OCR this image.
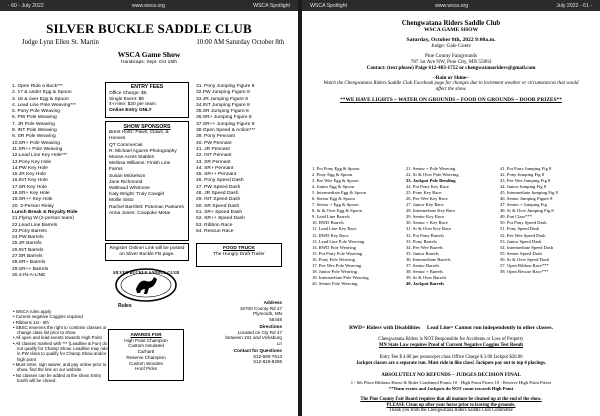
- 60 - July 2022	www.wsca.org	WSCA Spotlight
SILVER BUCKLE SADDLE CLUB
Judge Lynn Ellen St. Martin	10:00 AM Saturday October 8th
WSCA Game Show
Handicaps: Sept. Oct 15th
1. Open Ride a Buck***
2. 17 & under Egg & Spoon
3. 18 & over Egg & Spoon
4. Lead Line Pole Weaving***
5. Pony Pole Weaving
6. PW Pole Weaving
7. JR Pole Weaving
8. INT Pole Weaving
9. SR Pole Weaving
10.SR+ Pole Weaving
11.SR++ Pole Weaving
12.Lead Line Key Hole***
13.Pony Key Hole
14.PW Key Hole
15.JR Key Hole
16.INT Key Hole
17.SR Key Hole
18.SR+ Key Hole
19.SR++ Key Hole
20. 3-Person Relay
Lunch Break & Royalty Ride
21.Flying W (2-person team)
22.Lead Line Barrels
23.Pony Barrels
24.PW Barrels
25.JR Barrels
26.INT Barrels
27.SR Barrels
28.SR+ Barrels
29.SR++ Barrels
30.4-IN-A-LINE
31. Pony Jumping Figure 8
32.PW Jumping Figure 8
33.JR Jumping Figure 8
34.INT Jumping Figure 8
35.SR Jumping Figure 8
36.SR+ Jumping Figure 8
37.SR++ Jumping Figure 8
38.Open Speed & Action***
39. Pony Pennant
40. PW Pennant
41. JR Pennant
42. INT Pennant
43. SR Pennant
44. SR+ Pennant
45. SR++ Pennant
46. Pony Speed Dash
47. PW Speed Dash
48. JR Speed Dash
49. INT Speed Dash
50. SR Speed Dash
51. SR+ Speed Dash
52. SR++ Speed Dash
53. Ribbon Race
54. Rescue Race
ENTRY FEES
Office Charge: $5
Single Event: $6
4-n-line: $20 per team
Online Entry ONLY
SHOW SPONSORS
Brent Holtz: Paws, Claws, & Hooves
QT Commercial
R. Michael Aguirre Photography
Moose Acres Stables
Melissa Williams: Finish Line Farms
Susan Mickelson
Jane Richmond
Waltraud Whitmore
Katy Wright: Truly Cowgirl
Mollie Sisto
Rachel Barrtlett: Potomac Pastures
Anna Jones: Cowpoke Meta!
Register Online! Link will be posted on Silver Buckle FB page.
FOOD TRUCK
The Hungry Draft Trailer
SILVER BUCKLE SADDLE CLUB
Rules
• WSCA rules apply
• Current negative Coggins required
• Ribbons 1st - 6th
• SBSC reserves the right to combine classes or change class list prior to show
• All open and lead events towards High Point
• All classes marked with *** (Leadline & Fun) do not qualify for Champ Show. Leadline may ride in PW class to qualify for Champ Show and/or high point
• Must enter, sign waiver, and pay online prior to show, find the link on our website.
• No classes can be added at the show. Entry booth will be closed.
Address
16700 County Rd 47
Plymouth, MN
55446
Directions
Located on Cty Rd 47
between 101 and Vicksburg
Ln
Contact for Questions
612-590-7613
512-819-8296
AWARDS FOR
High Point Champion
Custom Insulated
Carhartt
Reserve Champion
Custom Wooden
Hoof Picks
WSCA Spotlight	www.wsca.org	July 2022 - 61 -
Chengwatana Riders Saddle Club
WSCA GAME SHOW
Saturday, October 8th, 2022 9:00a.m.
Judge: Gale Goetz
Pine County Fairgrounds
787 1st Ave NW, Pine City, MN 55063
Contact: (text please) Paige 612-483-1752 or chengwatanariders@gmail.com
~Rain or Shine~
Watch the Chengwatana Riders Saddle Club Facebook page for changes due to inclement weather or circumstances that would affect the show.
**WE HAVE LIGHTS ~ WATER ON GROUNDS ~ FOOD ON GROUNDS ~ DOOR PRIZES**
1. Pot Pony Egg & Spoon
2. Pony Egg & Spoon
3. Pee Wee Egg & Spoon
4. Junior Egg & Spoon
5. Intermediate Egg & Spoon
6. Senior Egg & Spoon
7. Senior + Egg & Spoon
8. Sr & Over Egg & Spoon
9. Lead Line Barrels
10. RWD Barrels
11. Lead Line Key Race
12. RWD Key Race
13. Lead Line Pole Weaving
14. RWD Pole Weaving
15. Pot Pony Pole Weaving
16. Pony Pole Weaving
17. Pee Wee Pole Weaving
18. Junior Pole Weaving
19. Intermediate Pole Weaving
20. Senior Pole Weaving
21. Senior + Pole Weaving
22. Sr & Over Pole Weaving
23. Jackpot Pole Bending
24. Pot Pony Key Race
25. Pony Key Race
26. Pee Wee Key Race
27. Junior Key Race
28. Intermediate Key Race
29. Senior Key Race
30. Senior + Key Race
31. Sr & Over Key Race
32. Pot Pony Barrels
33. Pony Barrels
34. Pee Wee Barrels
35. Junior Barrels
36. Intermediate Barrels
37. Senior Barrels
38. Senior + Barrels
39. Sr & Over Barrels
40. Jackpot Barrels
41. Pot Pony Jumping Fig 8
42. Pony Jumping Fig 8
43. Pee Wee Jumping Fig 8
44. Junior Jumping Fig 8
45. Intermediate Jumping Fig 8
46. Senior Jumping Figure 8
47. Senior + Jumping Fig
48. Sr & Over Jumping Fig 8
49. Fun Class***
50. Pot Pony Speed Dash
51. Pony Speed Dash
52. Pee Wee Speed Dash
53. Junior Speed Dash
54. Intermediate Speed Dash
55. Senior Speed Dash
56. Sr & Over Speed Dash
57. Open Ribbon Race***
58. Open Rescue Race***
RWD= Riders with Disabilities Lead Line= Cannot run independently in other classes.
Chengwatana Riders is NOT Responsible for Accidents or Loss of Property
MN State Law requires Proof of Current Negative Coggins Test Result
Entry Fee $ 4.00 per person/per class Office Charge $ 3.00 Jackpot $20.00
Jackpot classes are a separate run. Must ride in like class! Jackpots pay out to top 4 placings.
ABSOLUTELY NO REFUNDS ~ JUDGES DECISION FINAL
1 - 6th Place Ribbons Horse & Rider Combined Points 10 - High Point Prizes 10 - Reserve High Point Prizes
**Team events and Jackpots do NOT count towards High Point
The Pine County Fair Board requires that all manure be cleaned up at the end of the show.
PLEASE Clean up after your horse prior to leaving the grounds.
Thank you from the Chengwatana Riders Saddle Club Committee
